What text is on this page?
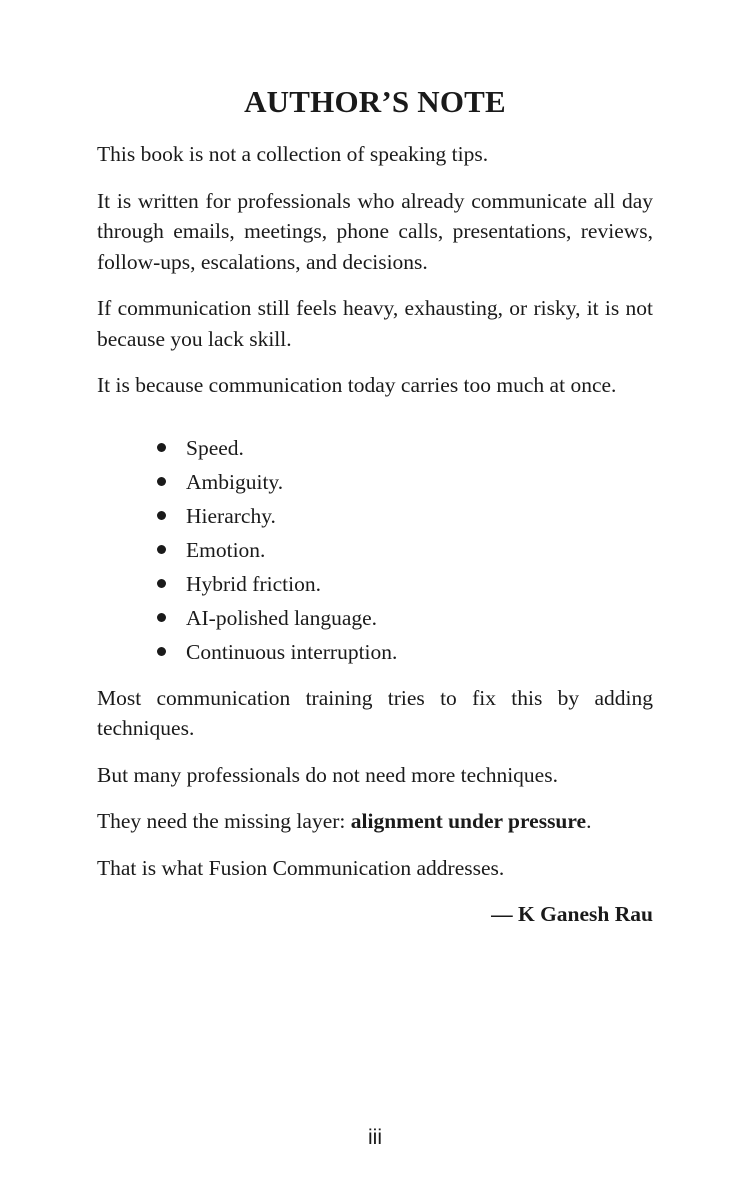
AUTHOR’S NOTE

This book is not a collection of speaking tips.

It is written for professionals who already communicate all day through emails, meetings, phone calls, presentations, reviews, follow-ups, escalations, and decisions.

If communication still feels heavy, exhausting, or risky, it is not because you lack skill.

It is because communication today carries too much at once.

Speed.
Ambiguity.
Hierarchy.
Emotion.
Hybrid friction.
AI-polished language.
Continuous interruption.

Most communication training tries to fix this by adding techniques.

But many professionals do not need more techniques.

They need the missing layer: alignment under pressure.

That is what Fusion Communication addresses.

— K Ganesh Rau

iii
